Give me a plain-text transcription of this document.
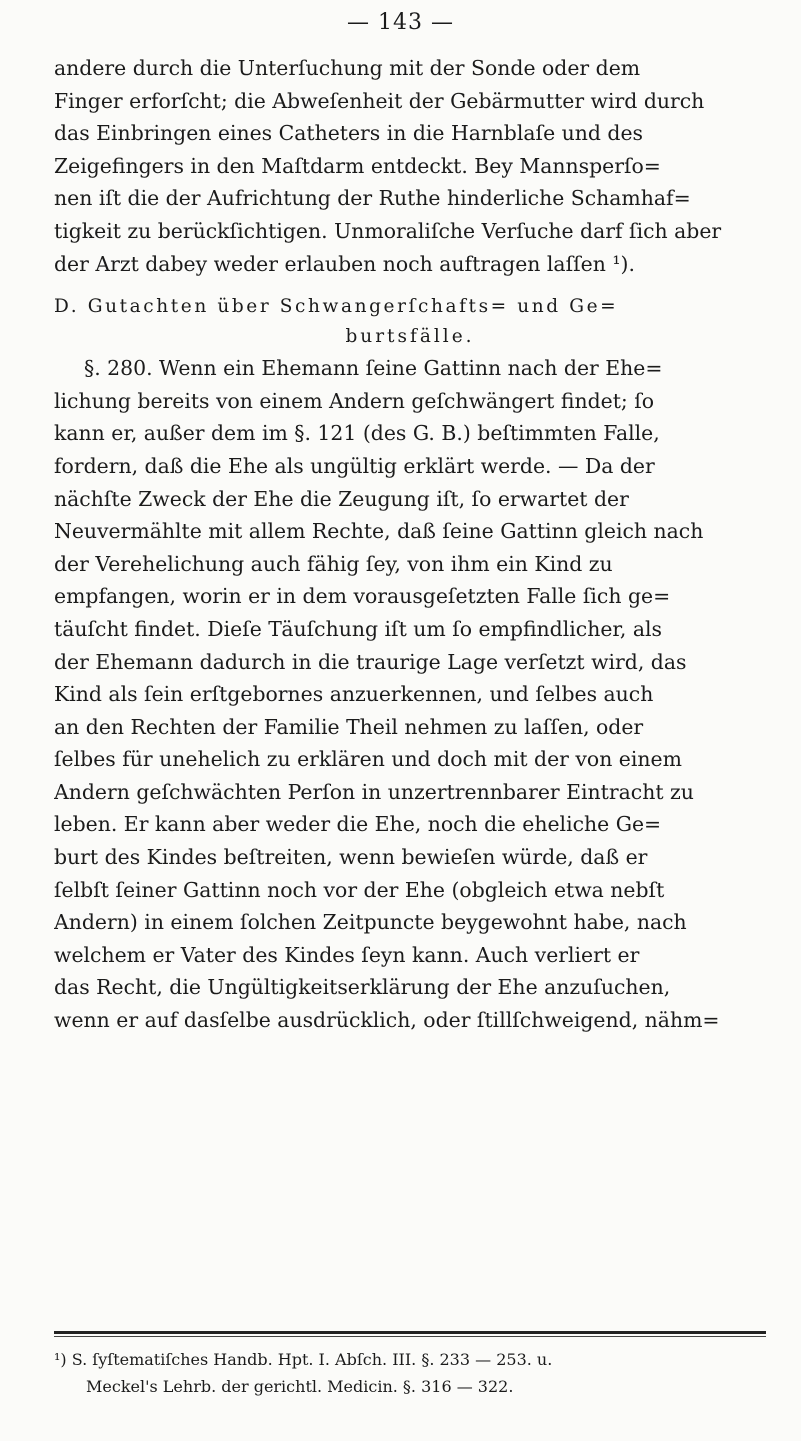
— 143 —

andere durch die Unterſuchung mit der Sonde oder dem
Finger erforſcht; die Abweſenheit der Gebärmutter wird durch
das Einbringen eines Catheters in die Harnblaſe und des
Zeigefingers in den Maſtdarm entdeckt. Bey Mannsperſo=
nen iſt die der Aufrichtung der Ruthe hinderliche Schamhaf=
tigkeit zu berückſichtigen. Unmoraliſche Verſuche darf ſich aber
der Arzt dabey weder erlauben noch auftragen laſſen ¹).

D. Gutachten über Schwangerſchafts= und Ge=
burtsfälle.

§. 280. Wenn ein Ehemann ſeine Gattinn nach der Ehe=
lichung bereits von einem Andern geſchwängert findet; ſo
kann er, außer dem im §. 121 (des G. B.) beſtimmten Falle,
fordern, daß die Ehe als ungültig erklärt werde. — Da der
nächſte Zweck der Ehe die Zeugung iſt, ſo erwartet der
Neuvermählte mit allem Rechte, daß ſeine Gattinn gleich nach
der Verehelichung auch fähig ſey, von ihm ein Kind zu
empfangen, worin er in dem vorausgeſetzten Falle ſich ge=
täuſcht findet. Dieſe Täuſchung iſt um ſo empfindlicher, als
der Ehemann dadurch in die traurige Lage verſetzt wird, das
Kind als ſein erſtgebornes anzuerkennen, und ſelbes auch
an den Rechten der Familie Theil nehmen zu laſſen, oder
ſelbes für unehelich zu erklären und doch mit der von einem
Andern geſchwächten Perſon in unzertrennbarer Eintracht zu
leben. Er kann aber weder die Ehe, noch die eheliche Ge=
burt des Kindes beſtreiten, wenn bewieſen würde, daß er
ſelbſt ſeiner Gattinn noch vor der Ehe (obgleich etwa nebſt
Andern) in einem ſolchen Zeitpuncte beygewohnt habe, nach
welchem er Vater des Kindes ſeyn kann. Auch verliert er
das Recht, die Ungültigkeitserklärung der Ehe anzuſuchen,
wenn er auf dasſelbe ausdrücklich, oder ſtillſchweigend, nähm=

¹) S. ſyſtematiſches Handb. Hpt. I. Abſch. III. §. 233 — 253. u.
Meckel's Lehrb. der gerichtl. Medicin. §. 316 — 322.
